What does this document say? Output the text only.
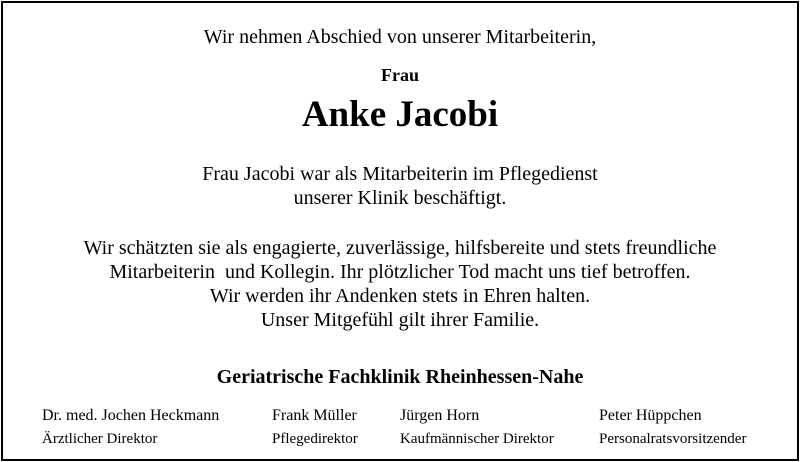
Wir nehmen Abschied von unserer Mitarbeiterin,
Frau
Anke Jacobi
Frau Jacobi war als Mitarbeiterin im Pflegedienst
unserer Klinik beschäftigt.
Wir schätzten sie als engagierte, zuverlässige, hilfsbereite und stets freundliche
Mitarbeiterin  und Kollegin. Ihr plötzlicher Tod macht uns tief betroffen.
Wir werden ihr Andenken stets in Ehren halten.
Unser Mitgefühl gilt ihrer Familie.
Geriatrische Fachklinik Rheinhessen-Nahe
Dr. med. Jochen Heckmann
Ärztlicher Direktor
Frank Müller
Pflegedirektor
Jürgen Horn
Kaufmännischer Direktor
Peter Hüppchen
Personalratsvorsitzender
